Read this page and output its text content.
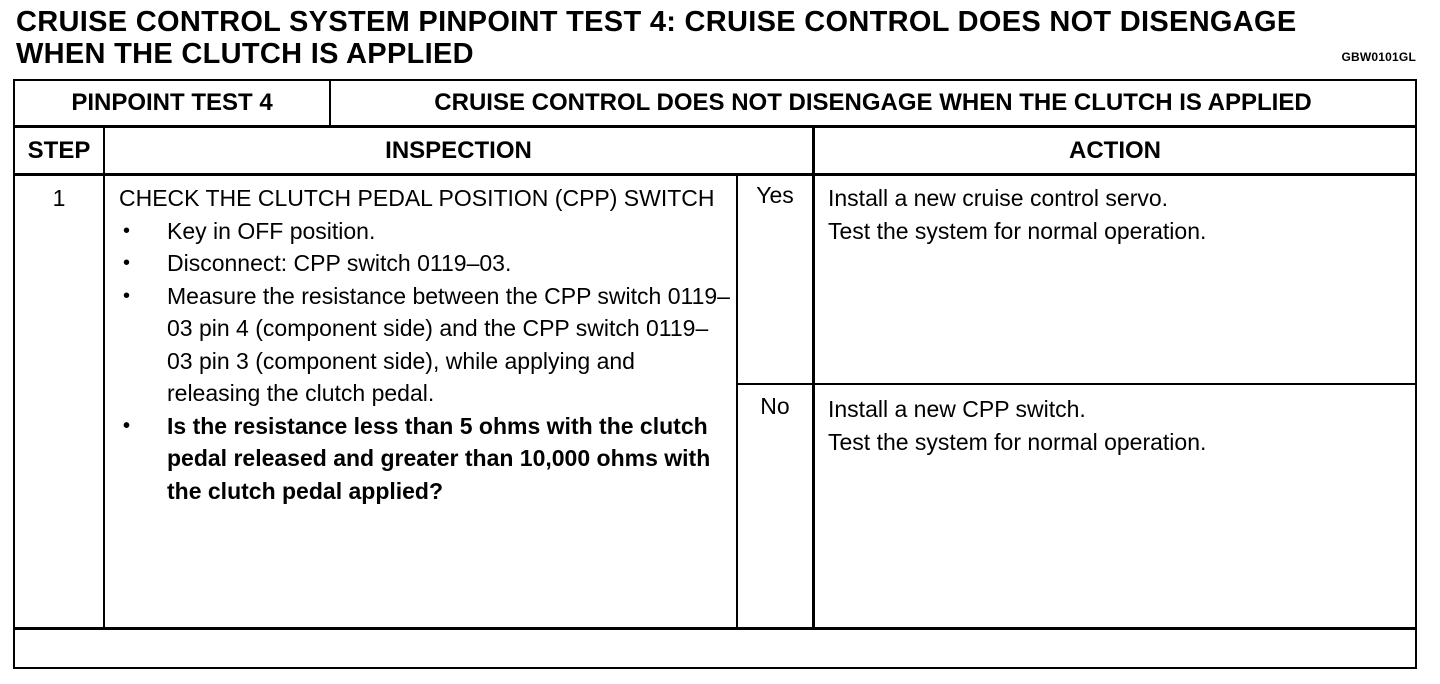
CRUISE CONTROL SYSTEM PINPOINT TEST 4: CRUISE CONTROL DOES NOT DISENGAGE
WHEN THE CLUTCH IS APPLIED	GBW0101GL
PINPOINT TEST 4	CRUISE CONTROL DOES NOT DISENGAGE WHEN THE CLUTCH IS APPLIED
STEP	INSPECTION	ACTION
1	CHECK THE CLUTCH PEDAL POSITION (CPP) SWITCH
• Key in OFF position.
• Disconnect: CPP switch 0119–03.
• Measure the resistance between the CPP switch 0119–03 pin 4 (component side) and the CPP switch 0119–03 pin 3 (component side), while applying and releasing the clutch pedal.
• Is the resistance less than 5 ohms with the clutch pedal released and greater than 10,000 ohms with the clutch pedal applied?
Yes	Install a new cruise control servo.
Test the system for normal operation.
No	Install a new CPP switch.
Test the system for normal operation.
